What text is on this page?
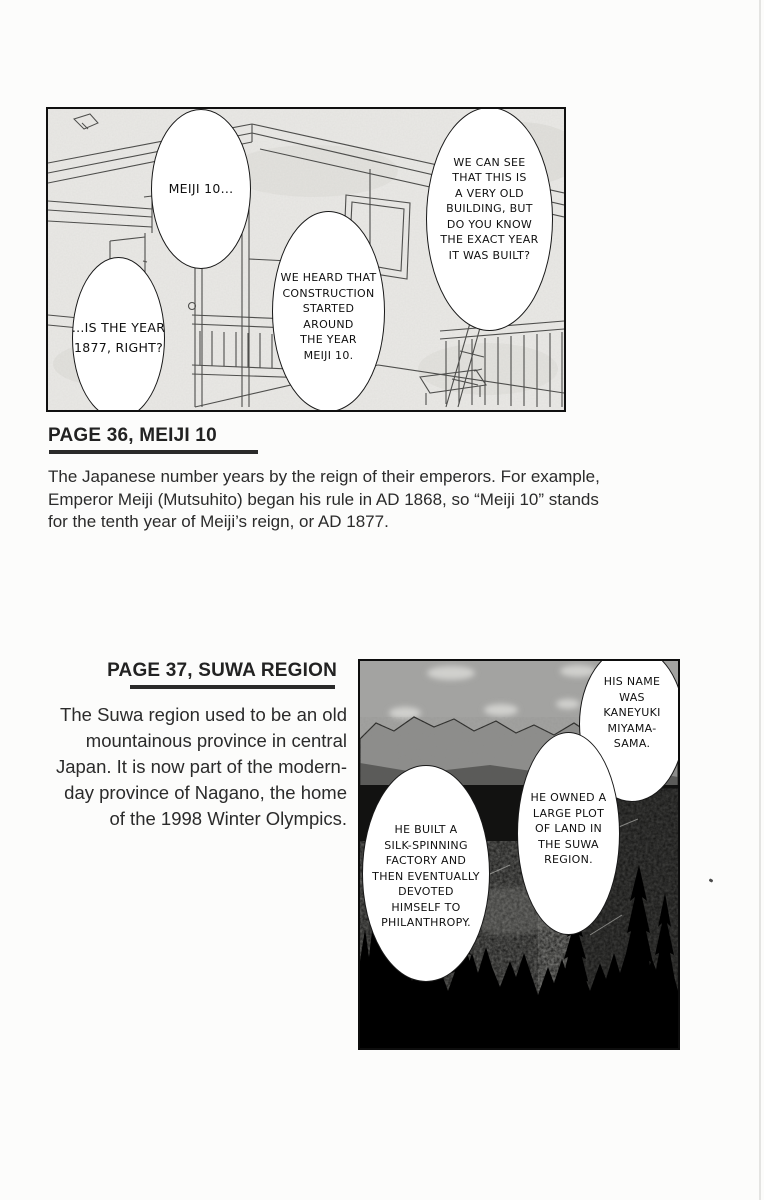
MEIJI 10...
...IS THE YEAR
1877, RIGHT?
WE HEARD THAT
CONSTRUCTION
STARTED
AROUND
THE YEAR
MEIJI 10.
WE CAN SEE
THAT THIS IS
A VERY OLD
BUILDING, BUT
DO YOU KNOW
THE EXACT YEAR
IT WAS BUILT?
PAGE 36, MEIJI 10
The Japanese number years by the reign of their emperors. For example,
Emperor Meiji (Mutsuhito) began his rule in AD 1868, so “Meiji 10” stands
for the tenth year of Meiji’s reign, or AD 1877.
PAGE 37, SUWA REGION
The Suwa region used to be an old
mountainous province in central
Japan. It is now part of the modern-
day province of Nagano, the home
of the 1998 Winter Olympics.
HIS NAME
WAS
KANEYUKI
MIYAMA-
SAMA.
HE OWNED A
LARGE PLOT
OF LAND IN
THE SUWA
REGION.
HE BUILT A
SILK-SPINNING
FACTORY AND
THEN EVENTUALLY
DEVOTED
HIMSELF TO
PHILANTHROPY.
